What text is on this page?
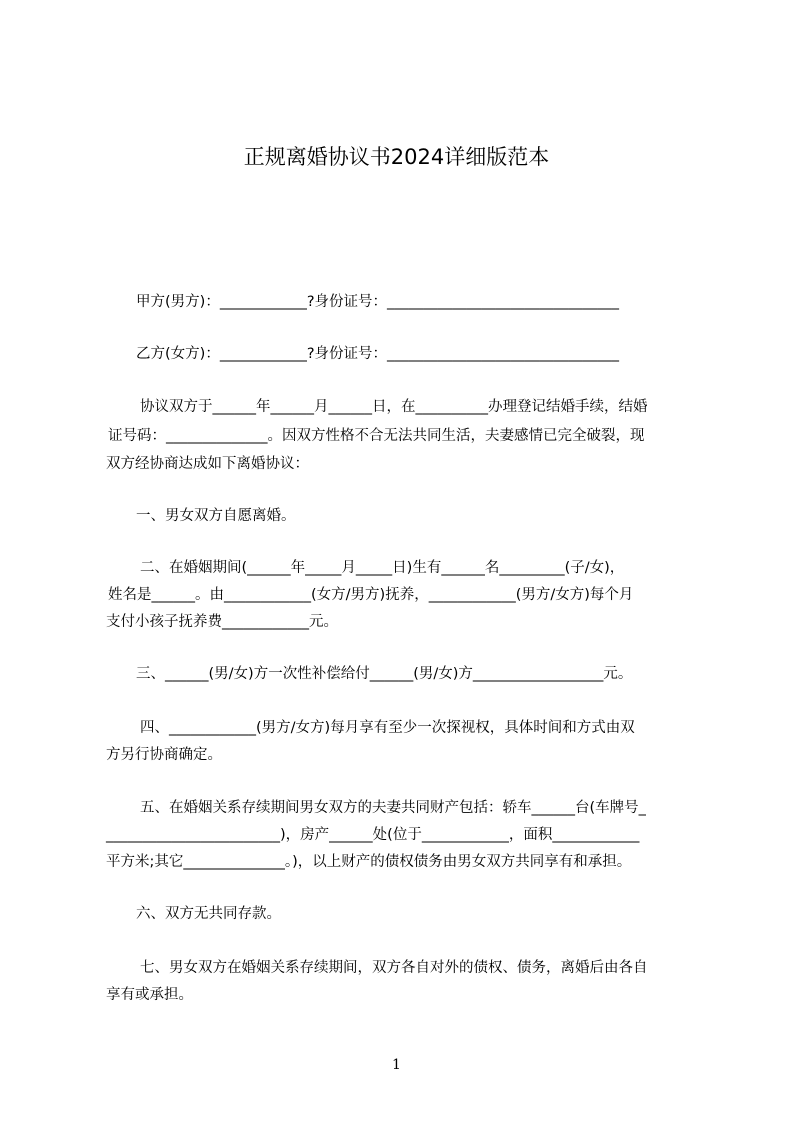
正规离婚协议书2024详细版范本
甲方(男方)：____________?身份证号：________________________________
乙方(女方)：____________?身份证号：________________________________
协议双方于______年______月______日，在__________办理登记结婚手续，结婚
证号码：______________。因双方性格不合无法共同生活，夫妻感情已完全破裂，现
双方经协商达成如下离婚协议：
一、男女双方自愿离婚。
二、在婚姻期间(______年_____月_____日)生有______名_________(子/女)，
姓名是______。由____________(女方/男方)抚养，____________(男方/女方)每个月
支付小孩子抚养费____________元。
三、______(男/女)方一次性补偿给付______(男/女)方__________________元。
四、____________(男方/女方)每月享有至少一次探视权，具体时间和方式由双
方另行协商确定。
五、在婚姻关系存续期间男女双方的夫妻共同财产包括：轿车______台(车牌号_
________________________)，房产______处(位于____________，面积____________
平方米;其它______________。)，以上财产的债权债务由男女双方共同享有和承担。
六、双方无共同存款。
七、男女双方在婚姻关系存续期间，双方各自对外的债权、债务，离婚后由各自
享有或承担。
1
